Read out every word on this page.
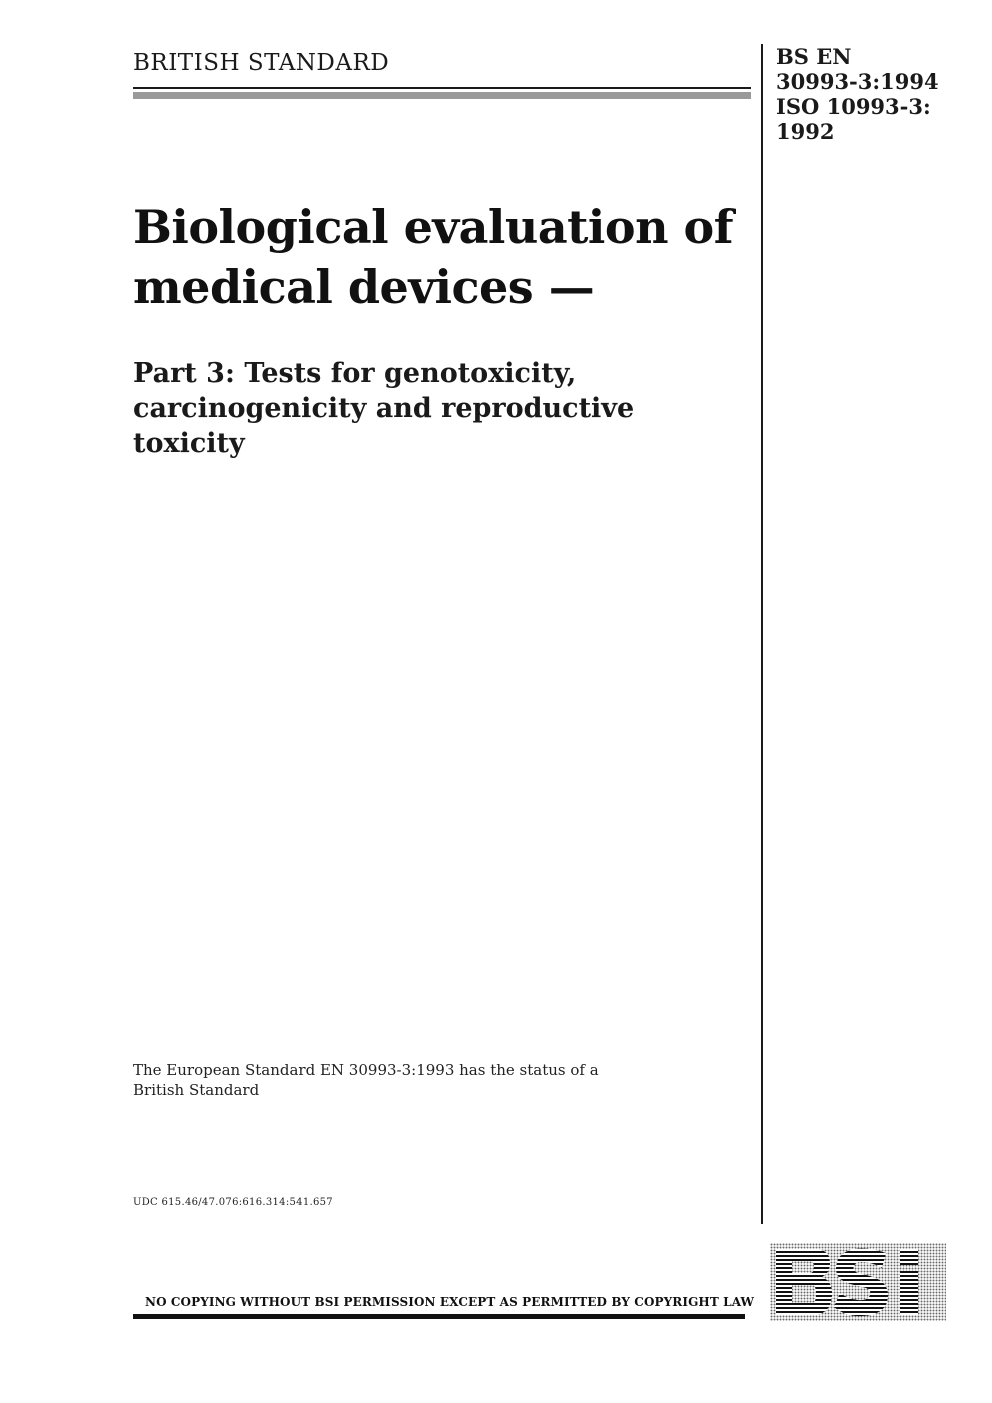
BRITISH STANDARD	BS EN
30993-3:1994
ISO 10993-3:
1992
Biological evaluation of
medical devices —
Part 3: Tests for genotoxicity,
carcinogenicity and reproductive
toxicity
The European Standard EN 30993-3:1993 has the status of a
British Standard
UDC 615.46/47.076:616.314:541.657
NO COPYING WITHOUT BSI PERMISSION EXCEPT AS PERMITTED BY COPYRIGHT LAW
